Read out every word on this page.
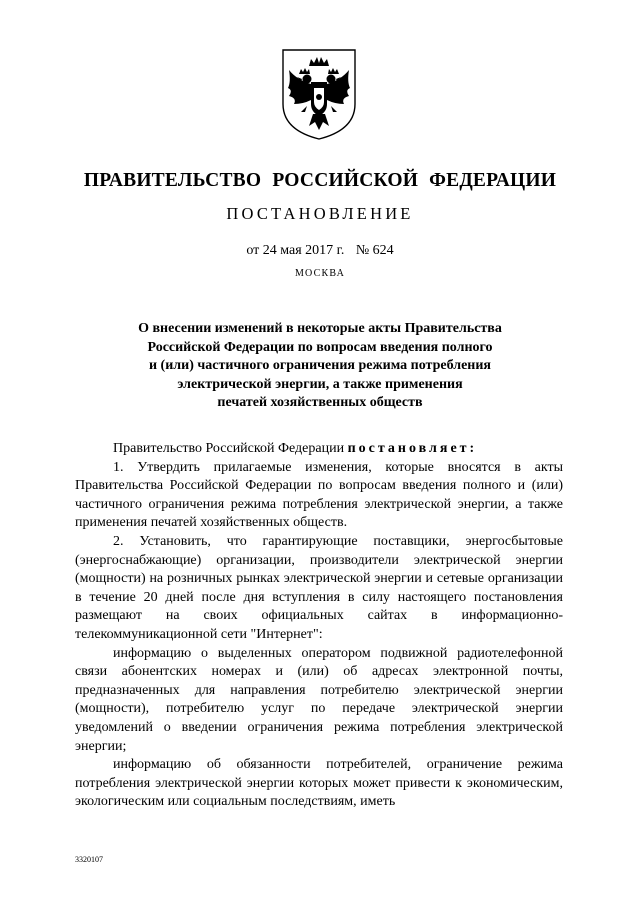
ПРАВИТЕЛЬСТВО РОССИЙСКОЙ ФЕДЕРАЦИИ
ПОСТАНОВЛЕНИЕ
от 24 мая 2017 г. № 624
МОСКВА
О внесении изменений в некоторые акты Правительства
Российской Федерации по вопросам введения полного
и (или) частичного ограничения режима потребления
электрической энергии, а также применения
печатей хозяйственных обществ

Правительство Российской Федерации постановляет:

1. Утвердить прилагаемые изменения, которые вносятся в акты Правительства Российской Федерации по вопросам введения полного и (или) частичного ограничения режима потребления электрической энергии, а также применения печатей хозяйственных обществ.

2. Установить, что гарантирующие поставщики, энергосбытовые (энергоснабжающие) организации, производители электрической энергии (мощности) на розничных рынках электрической энергии и сетевые организации в течение 20 дней после дня вступления в силу настоящего постановления размещают на своих официальных сайтах в информационно-телекоммуникационной сети "Интернет":

информацию о выделенных оператором подвижной радиотелефонной связи абонентских номерах и (или) об адресах электронной почты, предназначенных для направления потребителю электрической энергии (мощности), потребителю услуг по передаче электрической энергии уведомлений о введении ограничения режима потребления электрической энергии;

информацию об обязанности потребителей, ограничение режима потребления электрической энергии которых может привести к экономическим, экологическим или социальным последствиям, иметь

3320107
